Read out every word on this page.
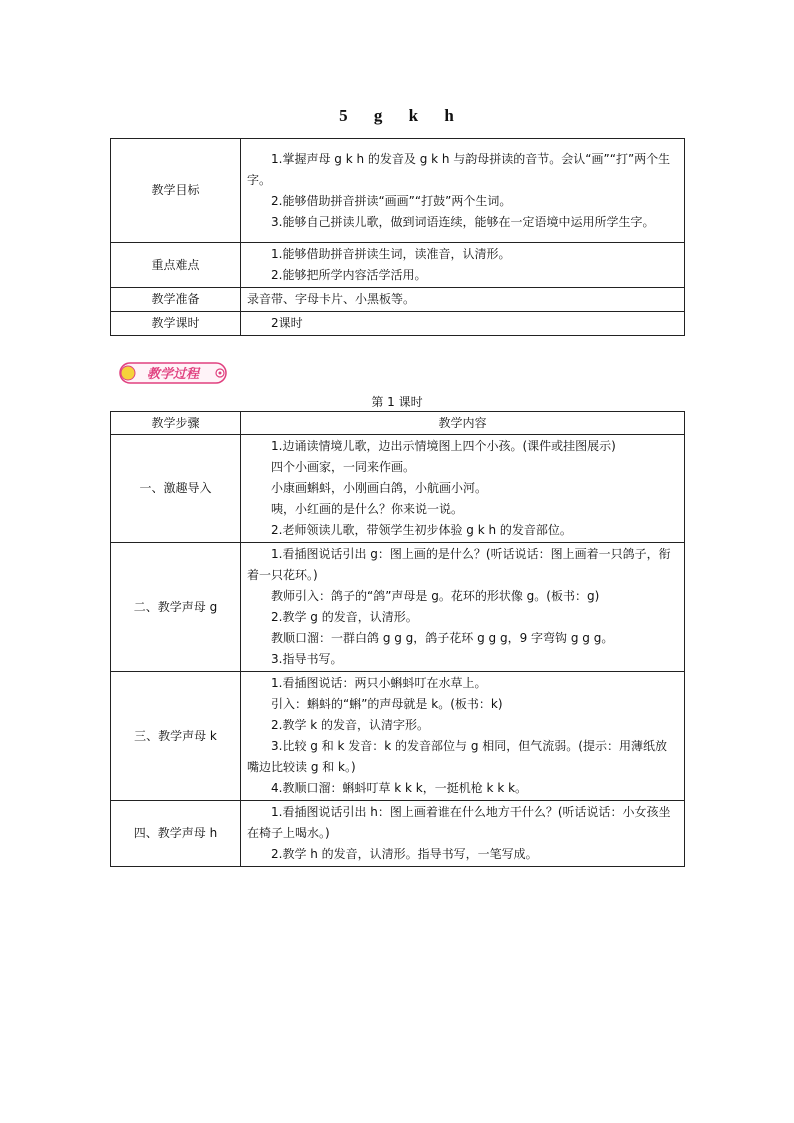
5 g k h
教学目标	1.掌握声母 g k h 的发音及 g k h 与韵母拼读的音节。会认“画”“打”两个生字。

2.能够借助拼音拼读“画画”“打鼓”两个生词。

3.能够自己拼读儿歌，做到词语连续，能够在一定语境中运用所学生字。

重点难点	1.能够借助拼音拼读生词，读准音，认清形。

2.能够把所学内容活学活用。

教学准备	录音带、字母卡片、小黑板等。

教学课时	2课时

教学过程
第 1 课时
教学步骤	教学内容
一、激趣导入	1.边诵读情境儿歌，边出示情境图上四个小孩。(课件或挂图展示)

四个小画家，一同来作画。

小康画蝌蚪，小刚画白鸽，小航画小河。

咦，小红画的是什么？你来说一说。

2.老师领读儿歌，带领学生初步体验 g k h 的发音部位。

二、教学声母 g	1.看插图说话引出 g：图上画的是什么？(听话说话：图上画着一只鸽子，衔着一只花环。)

教师引入：鸽子的“鸽”声母是 g。花环的形状像 g。(板书：g)

2.教学 g 的发音，认清形。

教顺口溜：一群白鸽 g g g，鸽子花环 g g g，9 字弯钩 g g g。

3.指导书写。

三、教学声母 k	1.看插图说话：两只小蝌蚪叮在水草上。

引入：蝌蚪的“蝌”的声母就是 k。(板书：k)

2.教学 k 的发音，认清字形。

3.比较 g 和 k 发音：k 的发音部位与 g 相同，但气流弱。(提示：用薄纸放嘴边比较读 g 和 k。)

4.教顺口溜：蝌蚪叮草 k k k，一挺机枪 k k k。

四、教学声母 h	1.看插图说话引出 h：图上画着谁在什么地方干什么？(听话说话：小女孩坐在椅子上喝水。)

2.教学 h 的发音，认清形。指导书写，一笔写成。
